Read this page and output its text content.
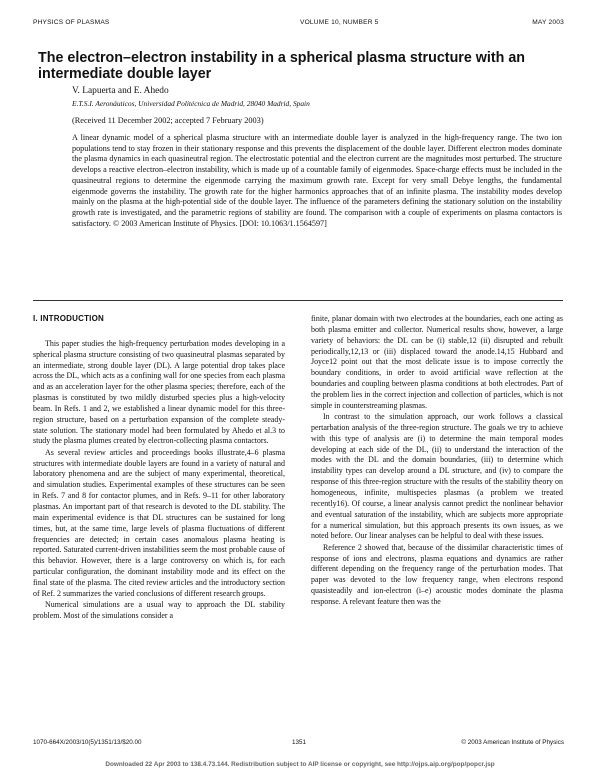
PHYSICS OF PLASMAS	VOLUME 10, NUMBER 5	MAY 2003
The electron–electron instability in a spherical plasma structure with an intermediate double layer
V. Lapuerta and E. Ahedo
E.T.S.I. Aeronáuticos, Universidad Politécnica de Madrid, 28040 Madrid, Spain
(Received 11 December 2002; accepted 7 February 2003)
A linear dynamic model of a spherical plasma structure with an intermediate double layer is analyzed in the high-frequency range. The two ion populations tend to stay frozen in their stationary response and this prevents the displacement of the double layer. Different electron modes dominate the plasma dynamics in each quasineutral region. The electrostatic potential and the electron current are the magnitudes most perturbed. The structure develops a reactive electron–electron instability, which is made up of a countable family of eigenmodes. Space-charge effects must be included in the quasineutral regions to determine the eigenmode carrying the maximum growth rate. Except for very small Debye lengths, the fundamental eigenmode governs the instability. The growth rate for the higher harmonics approaches that of an infinite plasma. The instability modes develop mainly on the plasma at the high-potential side of the double layer. The influence of the parameters defining the stationary solution on the instability growth rate is investigated, and the parametric regions of stability are found. The comparison with a couple of experiments on plasma contactors is satisfactory. © 2003 American Institute of Physics. [DOI: 10.1063/1.1564597]
I. INTRODUCTION

This paper studies the high-frequency perturbation modes developing in a spherical plasma structure consisting of two quasineutral plasmas separated by an intermediate, strong double layer (DL). A large potential drop takes place across the DL, which acts as a confining wall for one species from each plasma and as an acceleration layer for the other plasma species; therefore, each of the plasmas is constituted by two mildly disturbed species plus a high-velocity beam. In Refs. 1 and 2, we established a linear dynamic model for this three-region structure, based on a perturbation expansion of the complete steady-state solution. The stationary model had been formulated by Ahedo et al.3 to study the plasma plumes created by electron-collecting plasma contactors.

As several review articles and proceedings books illustrate,4–6 plasma structures with intermediate double layers are found in a variety of natural and laboratory phenomena and are the subject of many experimental, theoretical, and simulation studies. Experimental examples of these structures can be seen in Refs. 7 and 8 for contactor plumes, and in Refs. 9–11 for other laboratory plasmas. An important part of that research is devoted to the DL stability. The main experimental evidence is that DL structures can be sustained for long times, but, at the same time, large levels of plasma fluctuations of different frequencies are detected; in certain cases anomalous plasma heating is reported. Saturated current-driven instabilities seem the most probable cause of this behavior. However, there is a large controversy on which is, for each particular configuration, the dominant instability mode and its effect on the final state of the plasma. The cited review articles and the introductory section of Ref. 2 summarizes the varied conclusions of different research groups.

Numerical simulations are a usual way to approach the DL stability problem. Most of the simulations consider a

finite, planar domain with two electrodes at the boundaries, each one acting as both plasma emitter and collector. Numerical results show, however, a large variety of behaviors: the DL can be (i) stable,12 (ii) disrupted and rebuilt periodically,12,13 or (iii) displaced toward the anode.14,15 Hubbard and Joyce12 point out that the most delicate issue is to impose correctly the boundary conditions, in order to avoid artificial wave reflection at the boundaries and coupling between plasma conditions at both electrodes. Part of the problem lies in the correct injection and collection of particles, which is not simple in counterstreaming plasmas.

In contrast to the simulation approach, our work follows a classical pertarbation analysis of the three-region structure. The goals we try to achieve with this type of analysis are (i) to determine the main temporal modes developing at each side of the DL, (ii) to understand the interaction of the modes with the DL and the domain boundaries, (iii) to determine which instability types can develop around a DL structure, and (iv) to compare the response of this three-region structure with the results of the stability theory on homogeneous, infinite, multispecies plasmas (a problem we treated recently16). Of course, a linear analysis cannot predict the nonlinear behavior and eventual saturation of the instability, which are subjects more appropriate for a numerical simulation, but this approach presents its own issues, as we noted before. Our linear analyses can be helpful to deal with these issues.

Reference 2 showed that, because of the dissimilar characteristic times of response of ions and electrons, plasma equations and dynamics are rather different depending on the frequency range of the perturbation modes. That paper was devoted to the low frequency range, when electrons respond quasisteadily and ion-electron (i–e) acoustic modes dominate the plasma response. A relevant feature then was the

1070-664X/2003/10(5)/1351/13/$20.00	1351	© 2003 American Institute of Physics
Downloaded 22 Apr 2003 to 138.4.73.144. Redistribution subject to AIP license or copyright, see http://ojps.aip.org/pop/popcr.jsp
